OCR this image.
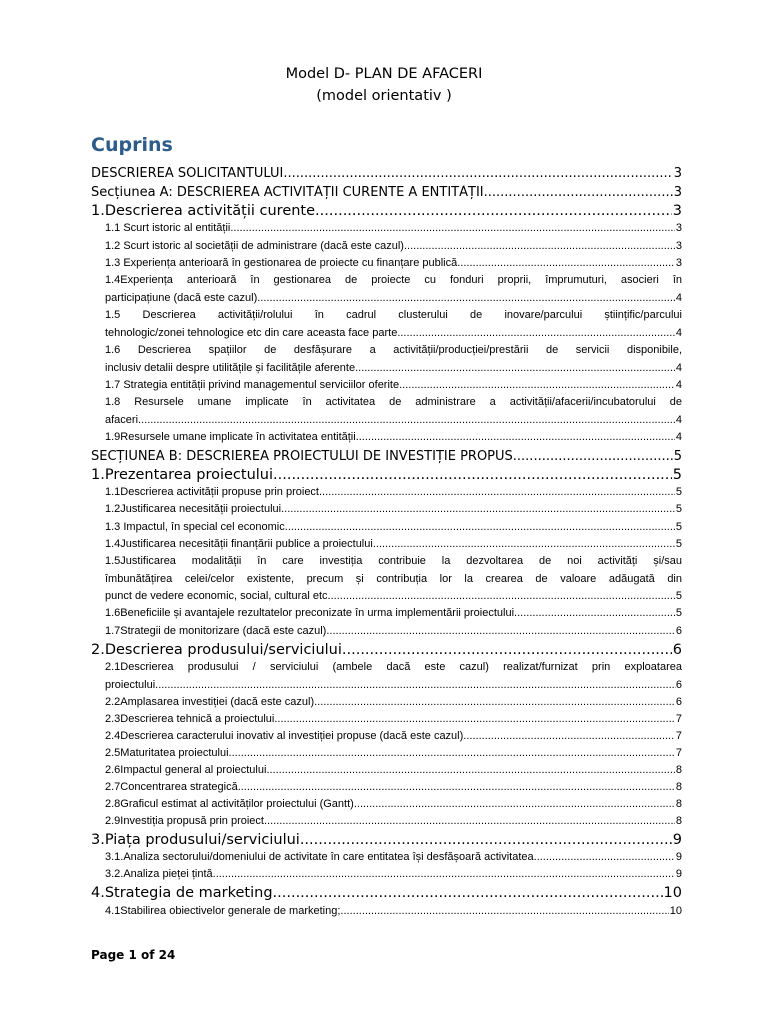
Model D- PLAN DE AFACERI
(model orientativ )
Cuprins
DESCRIEREA SOLICITANTULUI .....	3
Secțiunea A: DESCRIEREA ACTIVITĂȚII CURENTE A ENTITĂȚII .....	3
1.Descrierea activității curente .....	3
1.1 Scurt istoric al entității .....	3
1.2 Scurt istoric al societății de administrare (dacă este cazul) .....	3
1.3 Experiența anterioară în gestionarea de proiecte cu finanțare publică .....	3
1.4Experiența anterioară în gestionarea de proiecte cu fonduri proprii, împrumuturi, asocieri în
participațiune (dacă este cazul) .....	4
1.5 Descrierea activității/rolului în cadrul clusterului de inovare/parcului științific/parcului
tehnologic/zonei tehnologice etc din care aceasta face parte .....	4
1.6 Descrierea spațiilor de desfășurare a activității/producției/prestării de servicii disponibile,
inclusiv detalii despre utilitățile și facilitățile aferente .....	4
1.7 Strategia entității privind managementul serviciilor oferite .....	4
1.8 Resursele umane implicate în activitatea de administrare a activității/afacerii/incubatorului de
afaceri .....	4
1.9Resursele umane implicate în activitatea entității .....	4
SECȚIUNEA B: DESCRIEREA PROIECTULUI DE INVESTIȚIE PROPUS .....	5
1.Prezentarea proiectului .....	5
1.1Descrierea activității propuse prin proiect .....	5
1.2Justificarea necesității proiectului .....	5
1.3 Impactul, în special cel economic .....	5
1.4Justificarea necesității finanțării publice a proiectului .....	5
1.5Justificarea modalității în care investiția contribuie la dezvoltarea de noi activități și/sau
îmbunătățirea celei/celor existente, precum și contribuția lor la crearea de valoare adăugată din
punct de vedere economic, social, cultural etc. .....	5
1.6Beneficiile și avantajele rezultatelor preconizate în urma implementării proiectului .....	5
1.7Strategii de monitorizare (dacă este cazul) .....	6
2.Descrierea produsului/serviciului .....	6
2.1Descrierea produsului / serviciului (ambele dacă este cazul) realizat/furnizat prin exploatarea
proiectului .....	6
2.2Amplasarea investiției (dacă este cazul) .....	6
2.3Descrierea tehnică a proiectului .....	7
2.4Descrierea caracterului inovativ al investiției propuse (dacă este cazul) .....	7
2.5Maturitatea proiectului .....	7
2.6Impactul general al proiectului .....	8
2.7Concentrarea strategică .....	8
2.8Graficul estimat al activităților proiectului (Gantt) .....	8
2.9Investiția propusă prin proiect .....	8
3.Piața produsului/serviciului .....	9
3.1.Analiza sectorului/domeniului de activitate în care entitatea își desfășoară activitatea .....	9
3.2.Analiza pieței țintă .....	9
4.Strategia de marketing .....	10
4.1Stabilirea obiectivelor generale de marketing; .....	10
Page 1 of 24
